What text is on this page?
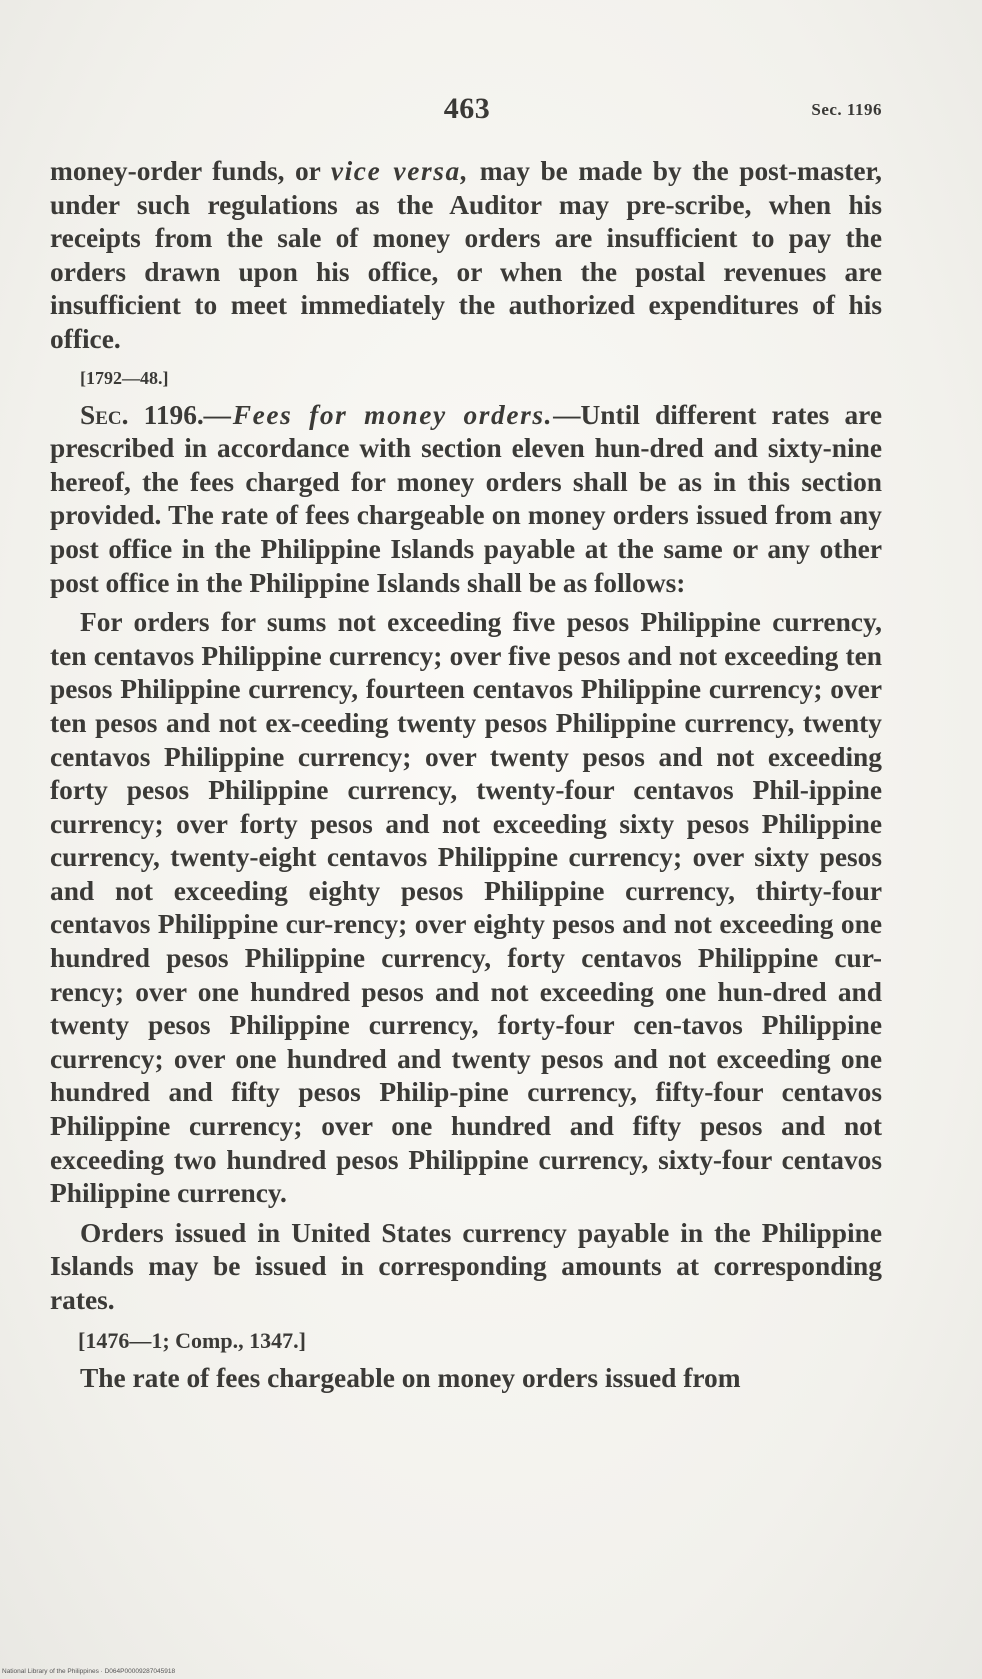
463	Sec. 1196

money-order funds, or vice versa, may be made by the post-master, under such regulations as the Auditor may pre-scribe, when his receipts from the sale of money orders are insufficient to pay the orders drawn upon his office, or when the postal revenues are insufficient to meet immediately the authorized expenditures of his office.

[1792—48.]

Sec. 1196.—Fees for money orders.—Until different rates are prescribed in accordance with section eleven hun-dred and sixty-nine hereof, the fees charged for money orders shall be as in this section provided. The rate of fees chargeable on money orders issued from any post office in the Philippine Islands payable at the same or any other post office in the Philippine Islands shall be as follows:

For orders for sums not exceeding five pesos Philippine currency, ten centavos Philippine currency; over five pesos and not exceeding ten pesos Philippine currency, fourteen centavos Philippine currency; over ten pesos and not ex-ceeding twenty pesos Philippine currency, twenty centavos Philippine currency; over twenty pesos and not exceeding forty pesos Philippine currency, twenty-four centavos Phil-ippine currency; over forty pesos and not exceeding sixty pesos Philippine currency, twenty-eight centavos Philippine currency; over sixty pesos and not exceeding eighty pesos Philippine currency, thirty-four centavos Philippine cur-rency; over eighty pesos and not exceeding one hundred pesos Philippine currency, forty centavos Philippine cur-rency; over one hundred pesos and not exceeding one hun-dred and twenty pesos Philippine currency, forty-four cen-tavos Philippine currency; over one hundred and twenty pesos and not exceeding one hundred and fifty pesos Philip-pine currency, fifty-four centavos Philippine currency; over one hundred and fifty pesos and not exceeding two hundred pesos Philippine currency, sixty-four centavos Philippine currency.

Orders issued in United States currency payable in the Philippine Islands may be issued in corresponding amounts at corresponding rates.

[1476—1; Comp., 1347.]

The rate of fees chargeable on money orders issued from

National Library of the Philippines · D064P00009287045918
